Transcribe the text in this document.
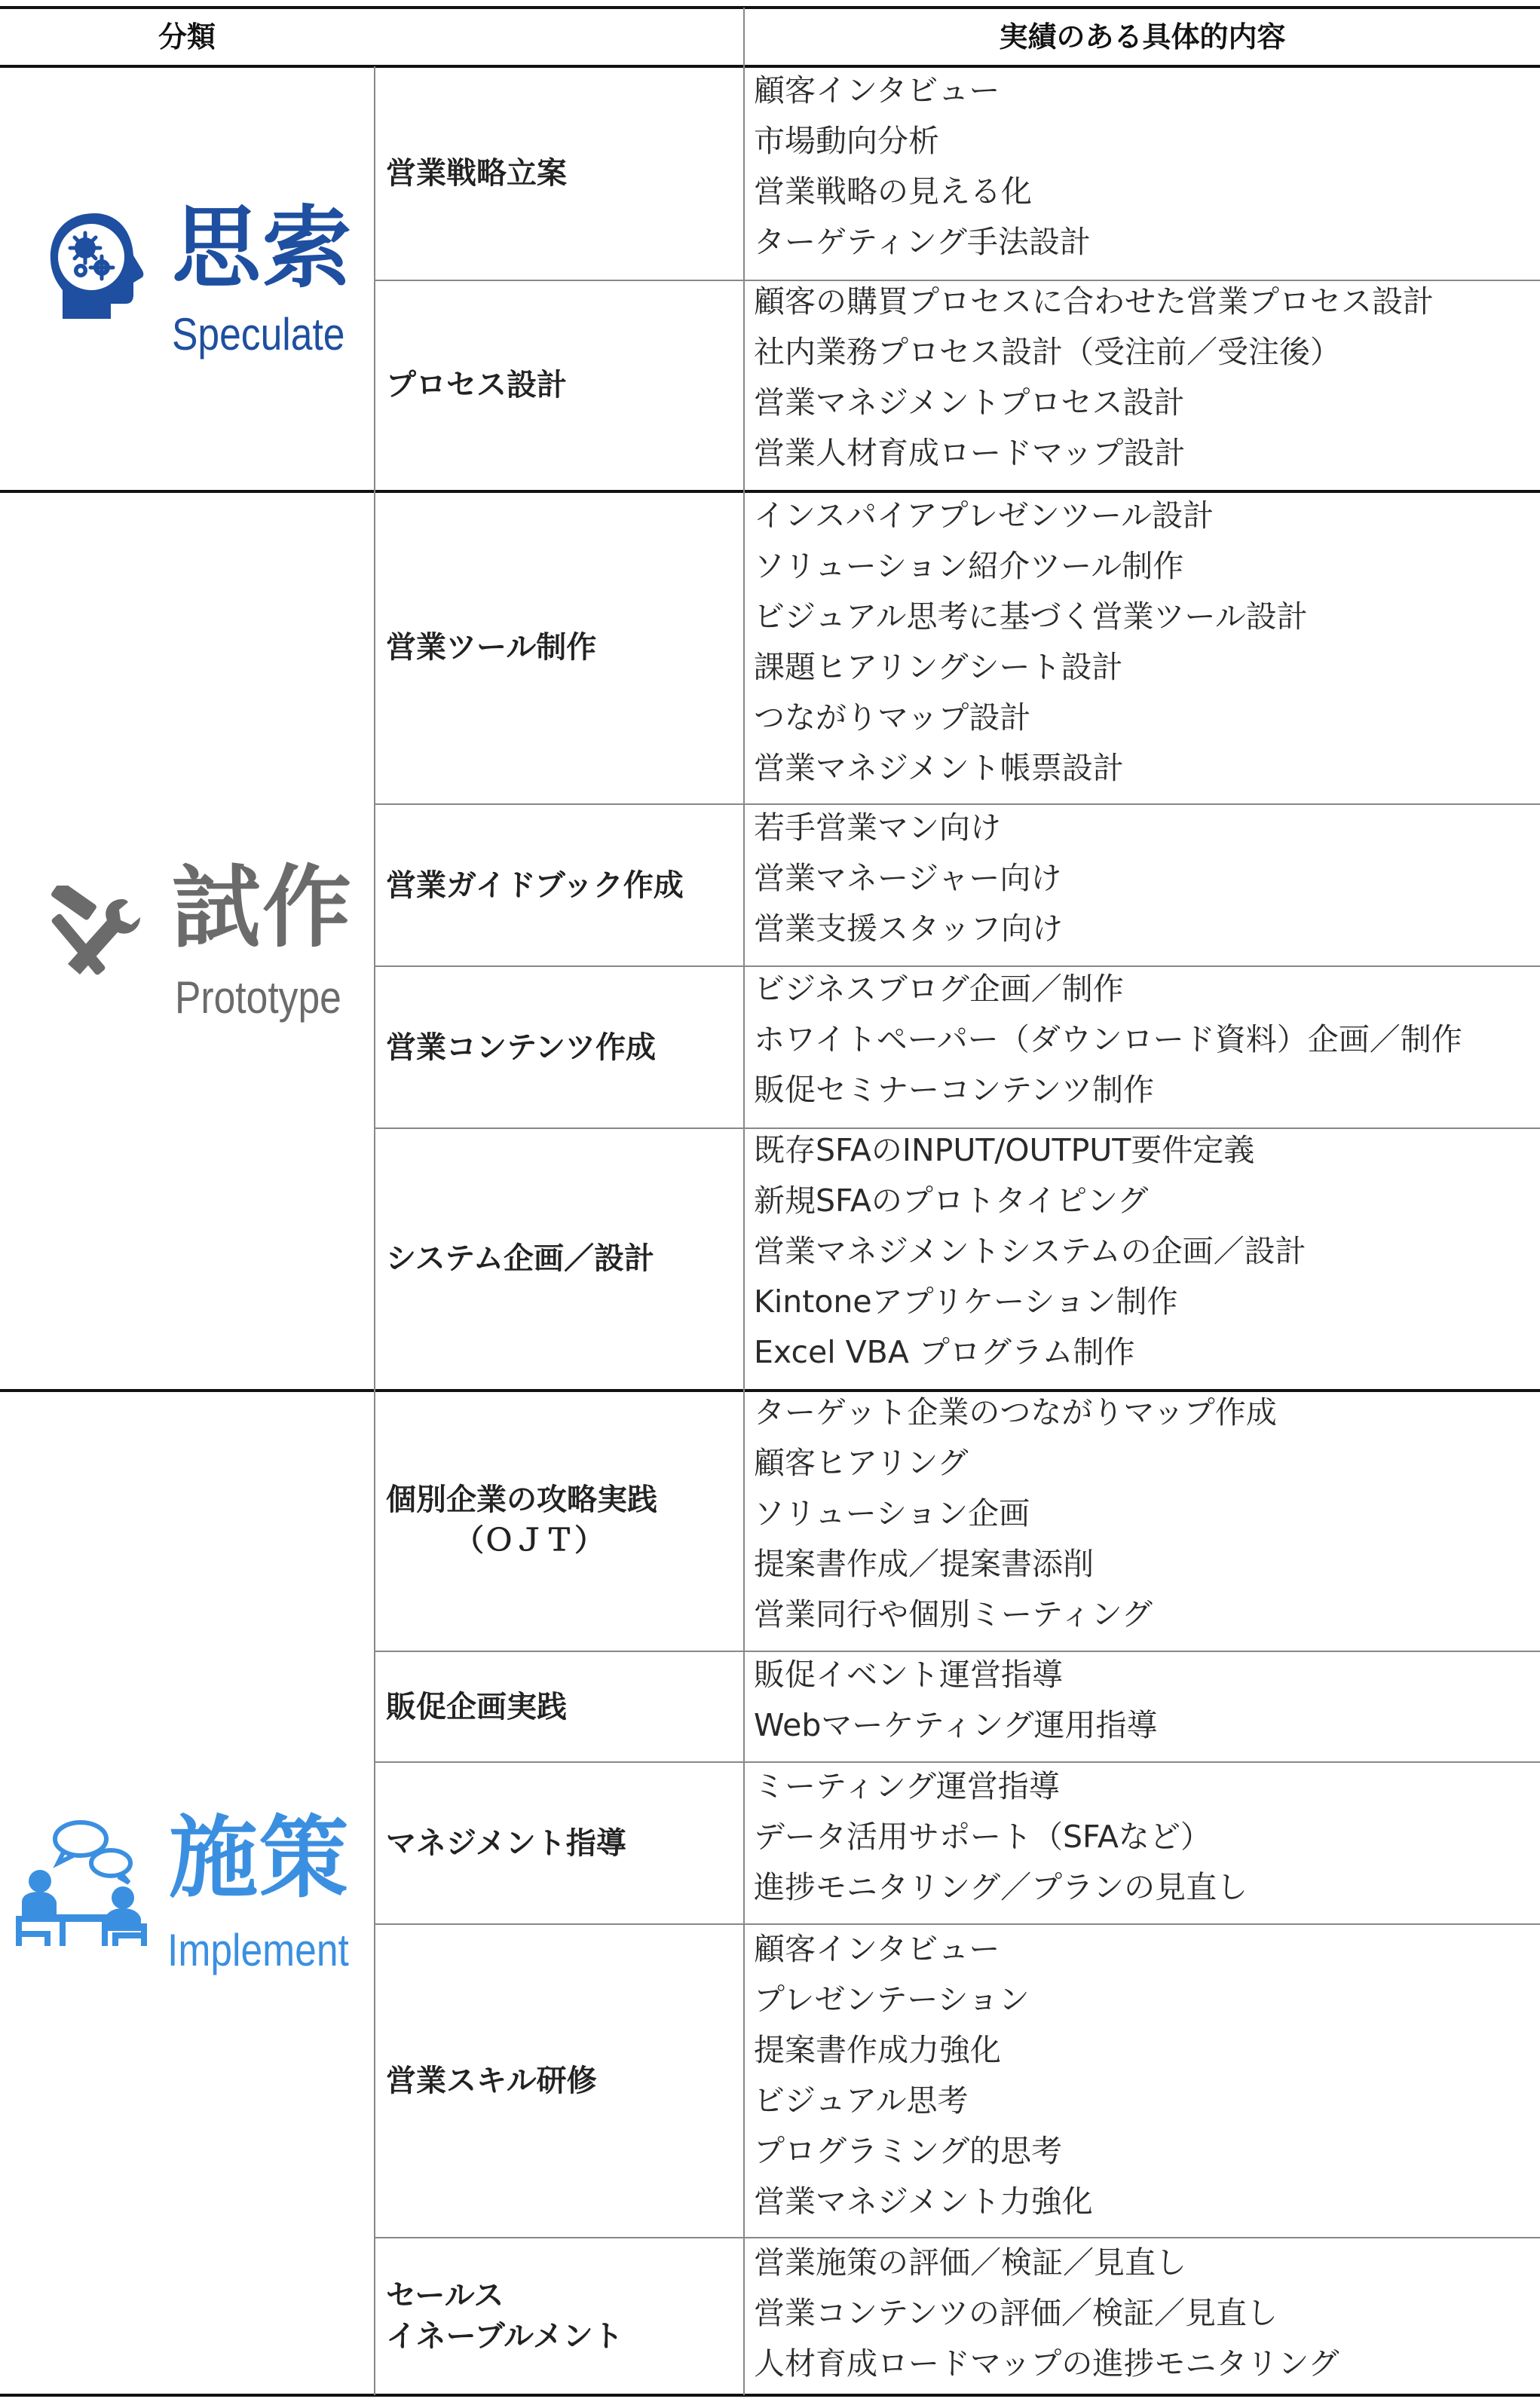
分類	実績のある具体的内容
思索
Speculate
試作
Prototype
施策
Implement
営業戦略立案
顧客インタビュー
市場動向分析
営業戦略の見える化
ターゲティング手法設計
プロセス設計
顧客の購買プロセスに合わせた営業プロセス設計
社内業務プロセス設計（受注前／受注後）
営業マネジメントプロセス設計
営業人材育成ロードマップ設計
営業ツール制作
インスパイアプレゼンツール設計
ソリューション紹介ツール制作
ビジュアル思考に基づく営業ツール設計
課題ヒアリングシート設計
つながりマップ設計
営業マネジメント帳票設計
営業ガイドブック作成
若手営業マン向け
営業マネージャー向け
営業支援スタッフ向け
営業コンテンツ作成
ビジネスブログ企画／制作
ホワイトペーパー（ダウンロード資料）企画／制作
販促セミナーコンテンツ制作
システム企画／設計
既存SFAのINPUT/OUTPUT要件定義
新規SFAのプロトタイピング
営業マネジメントシステムの企画／設計
Kintoneアプリケーション制作
Excel VBA プログラム制作
個別企業の攻略実践
（ＯＪＴ）
ターゲット企業のつながりマップ作成
顧客ヒアリング
ソリューション企画
提案書作成／提案書添削
営業同行や個別ミーティング
販促企画実践
販促イベント運営指導
Webマーケティング運用指導
マネジメント指導
ミーティング運営指導
データ活用サポート（SFAなど）
進捗モニタリング／プランの見直し
営業スキル研修
顧客インタビュー
プレゼンテーション
提案書作成力強化
ビジュアル思考
プログラミング的思考
営業マネジメント力強化
セールス
イネーブルメント
営業施策の評価／検証／見直し
営業コンテンツの評価／検証／見直し
人材育成ロードマップの進捗モニタリング
